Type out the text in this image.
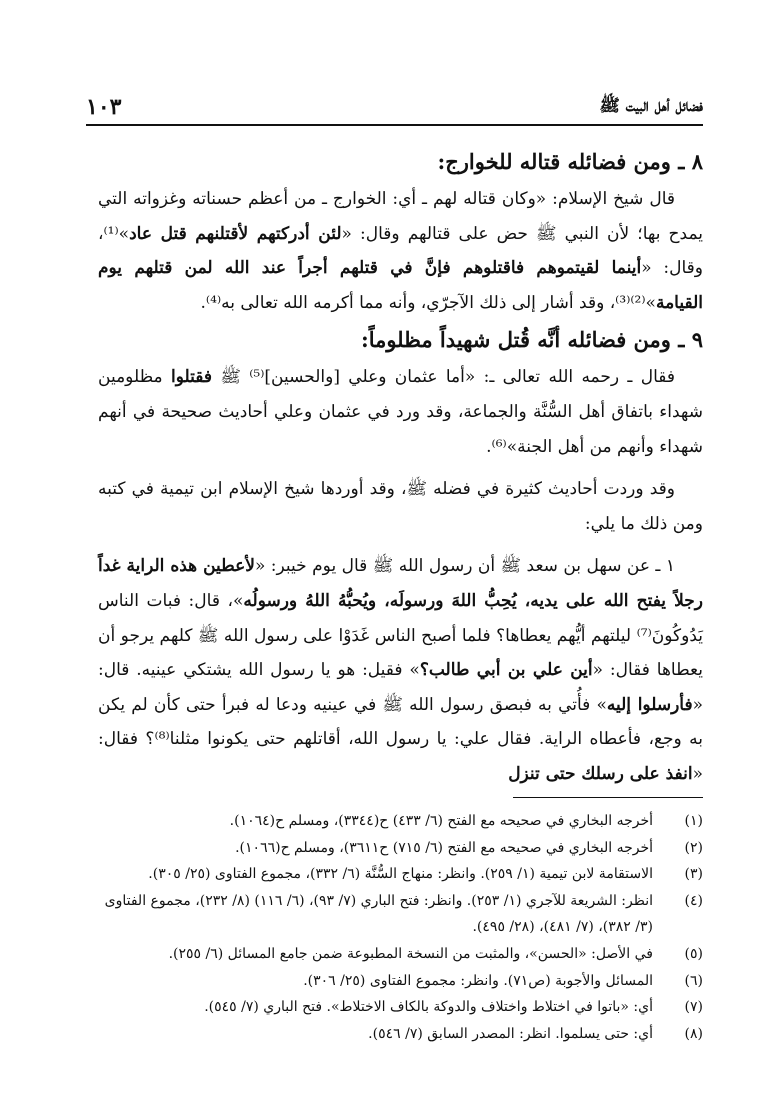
فضائل أهل البيت ﷺ
١٠٣

٨ ـ ومن فضائله قتاله للخوارج:

قال شيخ الإسلام: «وكان قتاله لهم ـ أي: الخوارج ـ من أعظم حسناته وغزواته التي يمدح بها؛ لأن النبي ﷺ حض على قتالهم وقال: «لئن أدركتهم لأقتلنهم قتل عاد»⁽¹⁾، وقال: «أينما لقيتموهم فاقتلوهم فإنَّ في قتلهم أجراً عند الله لمن قتلهم يوم القيامة»⁽²⁾⁽³⁾، وقد أشار إلى ذلك الآجرّي، وأنه مما أكرمه الله تعالى به⁽⁴⁾.

٩ ـ ومن فضائله أنَّه قُتل شهيداً مظلوماً:

فقال ـ رحمه الله تعالى ـ: «أما عثمان وعلي [والحسين]⁽⁵⁾ ﷺ فقتلوا مظلومين شهداء باتفاق أهل السُّنَّة والجماعة، وقد ورد في عثمان وعلي أحاديث صحيحة في أنهم شهداء وأنهم من أهل الجنة»⁽⁶⁾.

وقد وردت أحاديث كثيرة في فضله ﷺ، وقد أوردها شيخ الإسلام ابن تيمية في كتبه ومن ذلك ما يلي:

١ ـ عن سهل بن سعد ﷺ أن رسول الله ﷺ قال يوم خيبر: «لأعطين هذه الراية غداً رجلاً يفتح الله على يديه، يُحِبُّ اللهَ ورسولَه، ويُحبُّهُ اللهُ ورسولُه»، قال: فبات الناس يَدُوكُونَ⁽⁷⁾ ليلتهم أيُّهم يعطاها؟ فلما أصبح الناس غَدَوْا على رسول الله ﷺ كلهم يرجو أن يعطاها فقال: «أين علي بن أبي طالب؟» فقيل: هو يا رسول الله يشتكي عينيه. قال: «فأرسلوا إليه» فأُتي به فبصق رسول الله ﷺ في عينيه ودعا له فبرأ حتى كأن لم يكن به وجع، فأعطاه الراية. فقال علي: يا رسول الله، أقاتلهم حتى يكونوا مثلنا⁽⁸⁾؟ فقال: «انفذ على رسلك حتى تنزل

(١)
أخرجه البخاري في صحيحه مع الفتح (٦/ ٤٣٣) ح(٣٣٤٤)، ومسلم ح(١٠٦٤).
(٢)
أخرجه البخاري في صحيحه مع الفتح (٦/ ٧١٥) ح٣٦١١)، ومسلم ح(١٠٦٦).
(٣)
الاستقامة لابن تيمية (١/ ٢٥٩). وانظر: منهاج السُّنَّة (٦/ ٣٣٢)، مجموع الفتاوى (٢٥/ ٣٠٥).
(٤)
انظر: الشريعة للآجري (١/ ٢٥٣). وانظر: فتح الباري (٧/ ٩٣)، (٦/ ١١٦) (٨/ ٢٣٢)، مجموع الفتاوى (٣/ ٣٨٢)، (٧/ ٤٨١)، (٢٨/ ٤٩٥).
(٥)
في الأصل: «الحسن»، والمثبت من النسخة المطبوعة ضمن جامع المسائل (٦/ ٢٥٥).
(٦)
المسائل والأجوبة (ص٧١). وانظر: مجموع الفتاوى (٢٥/ ٣٠٦).
(٧)
أي: «باتوا في اختلاط واختلاف والدوكة بالكاف الاختلاط». فتح الباري (٧/ ٥٤٥).
(٨)
أي: حتى يسلموا. انظر: المصدر السابق (٧/ ٥٤٦).
